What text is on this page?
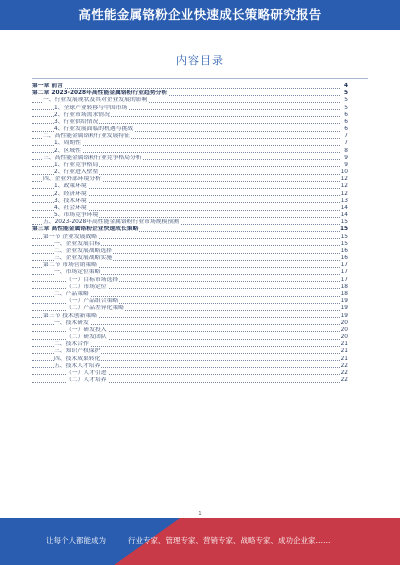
高性能金属铬粉企业快速成长策略研究报告
内容目录
第一章 前言	4
第二章 2023-2028年高性能金属铬粉行业趋势分析	5
一、行业发展现状及其对企业发展的影响	5
1、全球产业转移与中国市场	5
2、行业市场需求情况	6
3、行业供给情况	6
4、行业发展面临的机遇与挑战	6
二、高性能金属铬粉行业发展特征	7
1、周期性	7
2、区域性	8
三、高性能金属铬粉行业竞争格局分析	9
1、行业竞争格局	9
2、行业进入壁垒	10
四、企业外部环境分析	12
1、政策环境	12
2、经济环境	12
3、技术环境	13
4、社会环境	14
5、市场竞争环境	14
五、2023-2028年高性能金属铬粉行业市场规模预测	15
第三章 高性能金属铬粉企业快速成长策略	15
第一节 企业发展战略	15
一、企业发展目标	15
二、企业发展战略选择	16
三、企业发展战略实施	16
第二节 市场营销策略	17
一、市场定位策略	17
（一）目标市场选择	17
（二）市场定位	18
二、产品策略	18
（一）产品组合策略	19
（二）产品差异化策略	19
第三节 技术创新策略	19
一、技术研发	20
（一）研发投入	20
（二）研发团队	20
二、技术合作	21
三、知识产权保护	21
四、技术成果转化	21
五、技术人才培养	22
（一）人才引进	22
（二）人才培养	22
1
让每个人都能成为	行业专家、管理专家、营销专家、战略专家、成功企业家……
